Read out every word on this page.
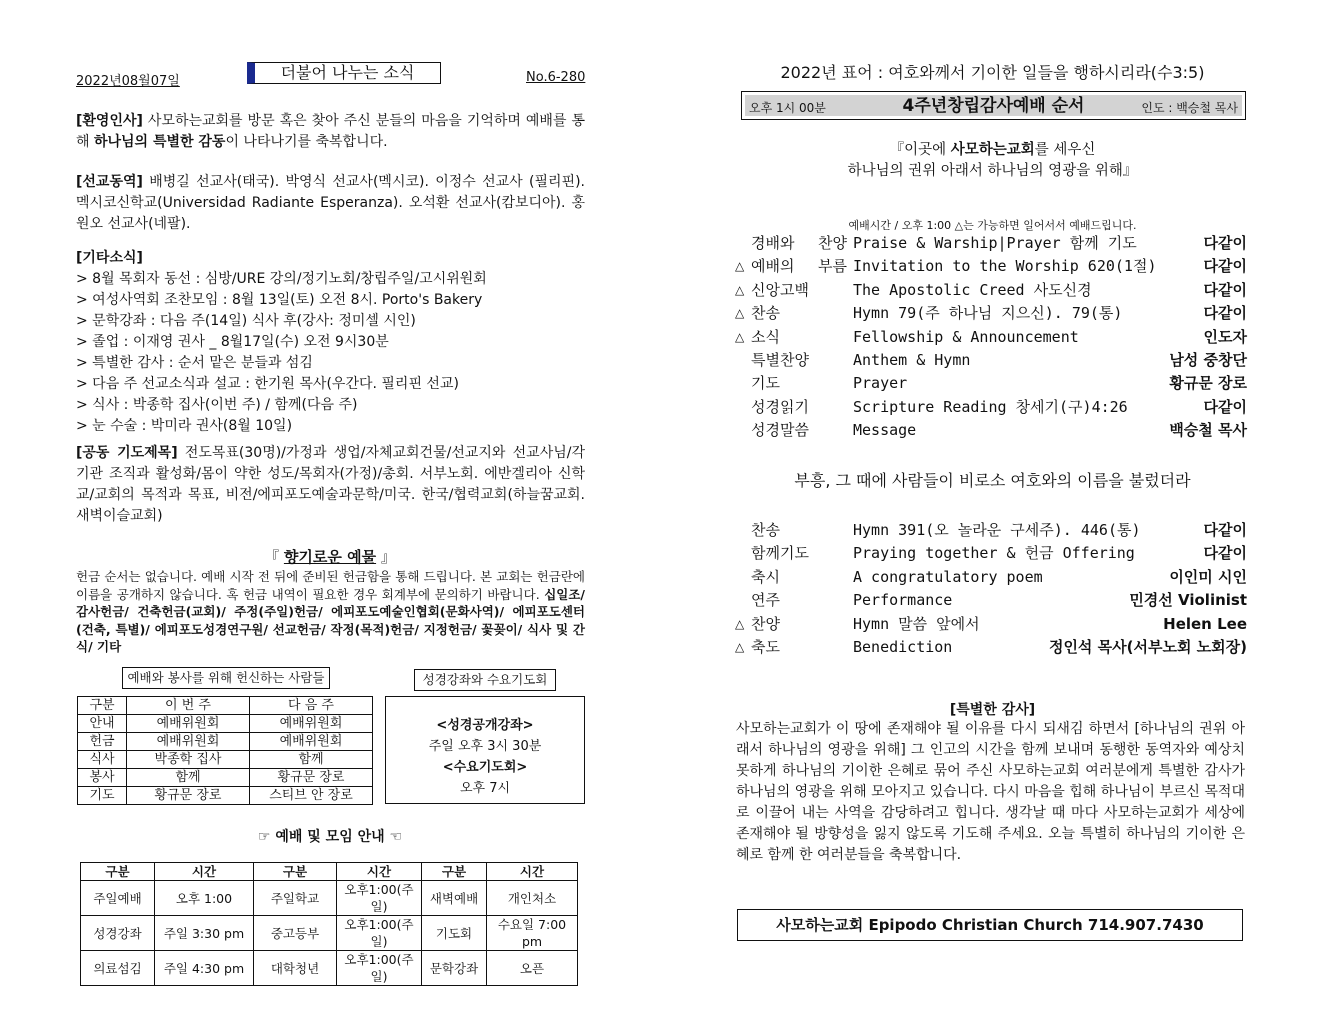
2022년08월07일	더불어 나누는 소식	No.6-280
[환영인사] 사모하는교회를 방문 혹은 찾아 주신 분들의 마음을 기억하며 예배를 통해 하나님의 특별한 감동이 나타나기를 축복합니다.
[선교동역] 배병길 선교사(태국). 박영식 선교사(멕시코). 이정수 선교사 (필리핀). 멕시코신학교(Universidad Radiante Esperanza). 오석환 선교사(캄보디아). 홍원오 선교사(네팔).
[기타소식]
> 8월 목회자 동선 : 심방/URE 강의/정기노회/창립주일/고시위원회
> 여성사역회 조찬모임 : 8월 13일(토) 오전 8시. Porto's Bakery
> 문학강좌 : 다음 주(14일) 식사 후(강사: 정미셀 시인)
> 졸업 : 이재영 권사 _ 8월17일(수) 오전 9시30분
> 특별한 감사 : 순서 맡은 분들과 섬김
> 다음 주 선교소식과 설교 : 한기원 목사(우간다. 필리핀 선교)
> 식사 : 박종학 집사(이번 주) / 함께(다음 주)
> 눈 수술 : 박미라 권사(8월 10일)
[공동 기도제목] 전도목표(30명)/가정과 생업/자체교회건물/선교지와 선교사님/각 기관 조직과 활성화/몸이 약한 성도/목회자(가정)/총회. 서부노회. 에반겔리아 신학교/교회의 목적과 목표, 비전/에피포도예술과문학/미국. 한국/협력교회(하늘꿈교회. 새벽이슬교회)
『 향기로운 예물 』
헌금 순서는 없습니다. 예배 시작 전 뒤에 준비된 헌금함을 통해 드립니다. 본 교회는 헌금란에 이름을 공개하지 않습니다. 혹 헌금 내역이 필요한 경우 회계부에 문의하기 바랍니다. 십일조/ 감사헌금/ 건축헌금(교회)/ 주정(주일)헌금/ 에피포도예술인협회(문화사역)/ 에피포도센터(건축, 특별)/ 에피포도성경연구원/ 선교헌금/ 작정(목적)헌금/ 지정헌금/ 꽃꽂이/ 식사 및 간식/ 기타
예배와 봉사를 위해 헌신하는 사람들	성경강좌와 수요기도회
구분	이 번 주	다 음 주
안내	예배위원회	예배위원회
헌금	예배위원회	예배위원회
식사	박종학 집사	함께
봉사	함께	황규문 장로
기도	황규문 장로	스티브 안 장로
<성경공개강좌>
주일 오후 3시 30분
<수요기도회>
오후 7시
☞ 예배 및 모임 안내 ☜
구분	시간	구분	시간	구분	시간
주일예배	오후 1:00	주일학교	오후1:00(주일)	새벽예배	개인처소
성경강좌	주일 3:30 pm	중고등부	오후1:00(주일)	기도회	수요일 7:00 pm
의료섬김	주일 4:30 pm	대학청년	오후1:00(주일)	문학강좌	오픈
2022년 표어 : 여호와께서 기이한 일들을 행하시리라(수3:5)
오후 1시 00분	4주년창립감사예배 순서	인도 : 백승철 목사
『이곳에 사모하는교회를 세우신
하나님의 권위 아래서 하나님의 영광을 위해』
예배시간 / 오후 1:00 △는 가능하면 일어서서 예배드립니다.
경배와 찬양 Praise & Warship|Prayer 함께 기도	다같이
△ 예배의 부름 Invitation to the Worship 620(1절)	다같이
△ 신앙고백	The Apostolic Creed 사도신경	다같이
△ 찬송	Hymn 79(주 하나님 지으신). 79(통)	다같이
△ 소식	Fellowship & Announcement	인도자
특별찬양	Anthem & Hymn	남성 중창단
기도	Prayer	황규문 장로
성경읽기	Scripture Reading 창세기(구)4:26	다같이
성경말씀	Message	백승철 목사
부흥, 그 때에 사람들이 비로소 여호와의 이름을 불렀더라
찬송	Hymn 391(오 놀라운 구세주). 446(통)	다같이
함께기도	Praying together & 헌금 Offering	다같이
축시	A congratulatory poem	이인미 시인
연주	Performance	민경선 Violinist
△ 찬양	Hymn 말씀 앞에서	Helen Lee
△ 축도	Benediction	정인석 목사(서부노회 노회장)
[특별한 감사]
사모하는교회가 이 땅에 존재해야 될 이유를 다시 되새김 하면서 [하나님의 권위 아래서 하나님의 영광을 위해] 그 인고의 시간을 함께 보내며 동행한 동역자와 예상치 못하게 하나님의 기이한 은혜로 묶어 주신 사모하는교회 여러분에게 특별한 감사가 하나님의 영광을 위해 모아지고 있습니다. 다시 마음을 힙해 하나님이 부르신 목적대로 이끌어 내는 사역을 감당하려고 힙니다. 생각날 때 마다 사모하는교회가 세상에 존재해야 될 방향성을 잃지 않도록 기도해 주세요. 오늘 특별히 하나님의 기이한 은혜로 함께 한 여러분들을 축복합니다.
사모하는교회 Epipodo Christian Church 714.907.7430
